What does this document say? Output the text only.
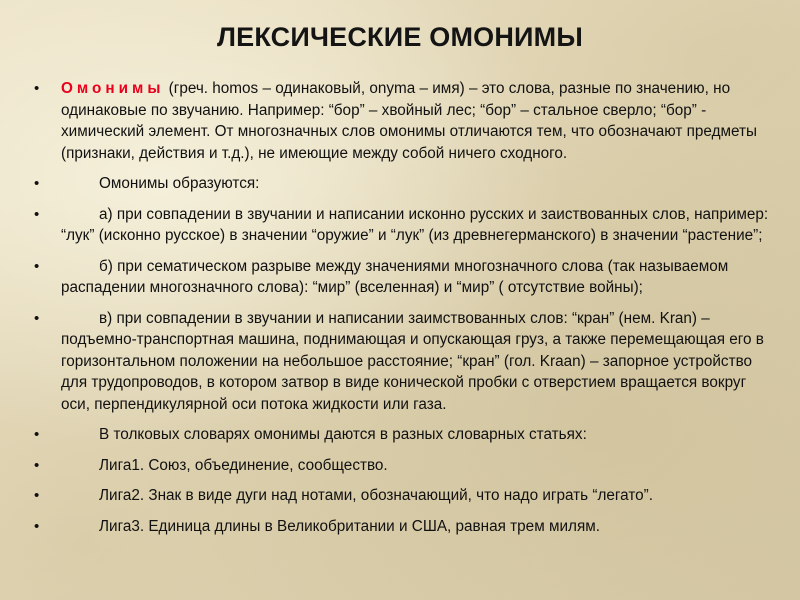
ЛЕКСИЧЕСКИЕ ОМОНИМЫ
• Омонимы (греч. homos – одинаковый, onyma – имя) – это слова, разные по значению, но одинаковые по звучанию. Например: “бор” – хвойный лес; “бор” – стальное сверло; “бор” - химический элемент. От многозначных слов омонимы отличаются тем, что обозначают предметы (признаки, действия и т.д.), не имеющие между собой ничего сходного.
•	Омонимы образуются:
•	а) при совпадении в звучании и написании исконно русских и заиствованных слов, например: “лук” (исконно русское) в значении “оружие” и “лук” (из древнегерманского) в значении “растение”;
•	б) при сематическом разрыве между значениями многозначного слова (так называемом распадении многозначного слова): “мир” (вселенная) и “мир” ( отсутствие войны);
•	в) при совпадении в звучании и написании заимствованных слов: “кран” (нем. Kran) – подъемно-транспортная машина, поднимающая и опускающая груз, а также перемещающая его в горизонтальном положении на небольшое расстояние; “кран” (гол. Kraan) – запорное устройство для трудопроводов, в котором затвор в виде конической пробки с отверстием вращается вокруг оси, перпендикулярной оси потока жидкости или газа.
•	В толковых словарях омонимы даются в разных словарных статьях:
•	Лига1. Союз, объединение, сообщество.
•	Лига2. Знак в виде дуги над нотами, обозначающий, что надо играть “легато”.
•	Лига3. Единица длины в Великобритании и США, равная трем милям.
